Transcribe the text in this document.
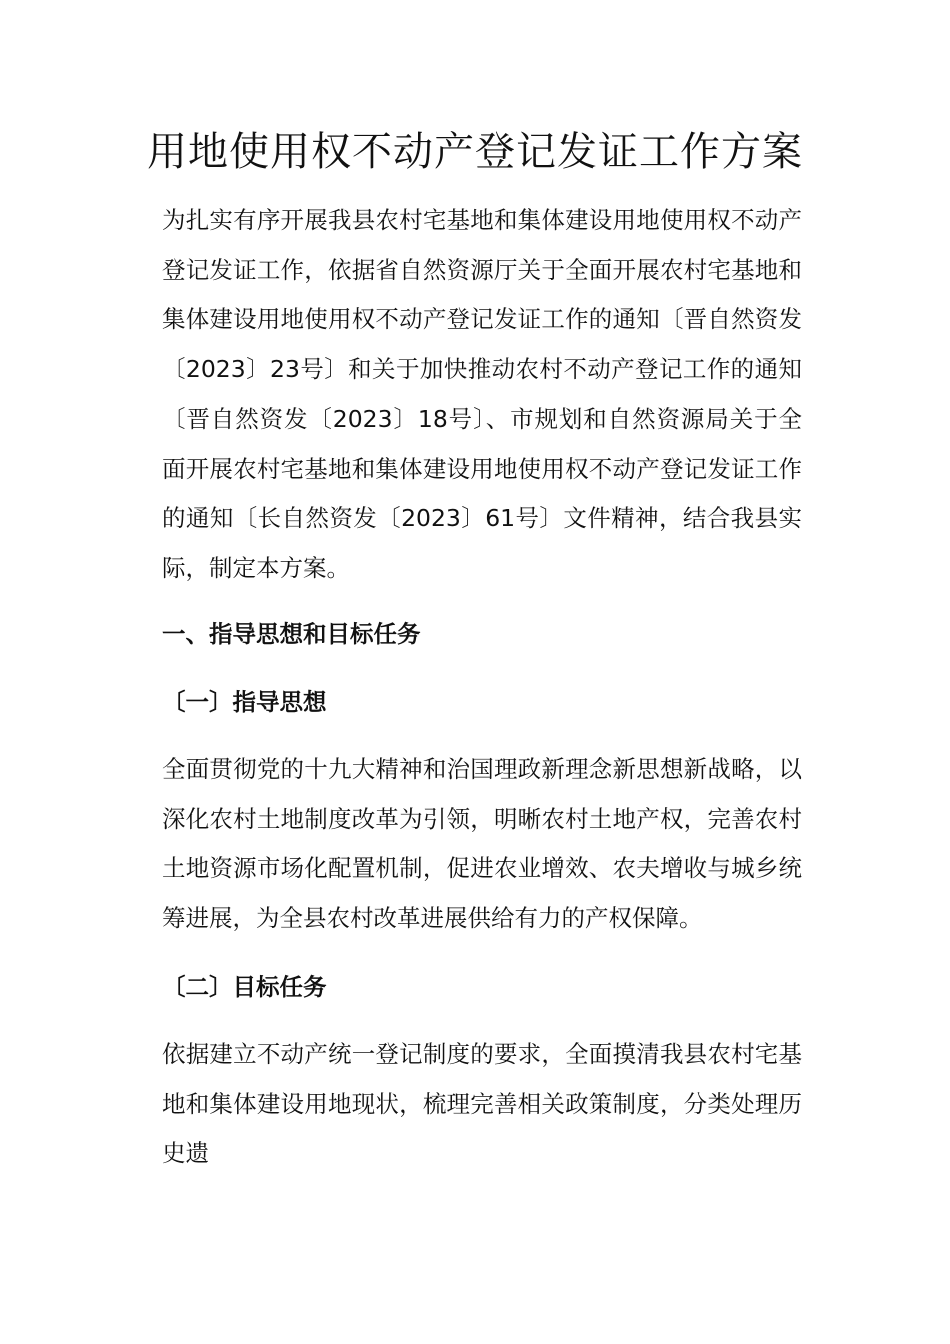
用地使用权不动产登记发证工作方案

为扎实有序开展我县农村宅基地和集体建设用地使用权不动产登记发证工作，依据省自然资源厅关于全面开展农村宅基地和集体建设用地使用权不动产登记发证工作的通知〔晋自然资发〔2023〕23号〕和关于加快推动农村不动产登记工作的通知〔晋自然资发〔2023〕18号〕、市规划和自然资源局关于全面开展农村宅基地和集体建设用地使用权不动产登记发证工作的通知〔长自然资发〔2023〕61号〕文件精神，结合我县实际，制定本方案。

一、指导思想和目标任务
〔一〕指导思想

全面贯彻党的十九大精神和治国理政新理念新思想新战略，以深化农村土地制度改革为引领，明晰农村土地产权，完善农村土地资源市场化配置机制，促进农业增效、农夫增收与城乡统筹进展，为全县农村改革进展供给有力的产权保障。

〔二〕目标任务

依据建立不动产统一登记制度的要求，全面摸清我县农村宅基地和集体建设用地现状，梳理完善相关政策制度，分类处理历史遗
